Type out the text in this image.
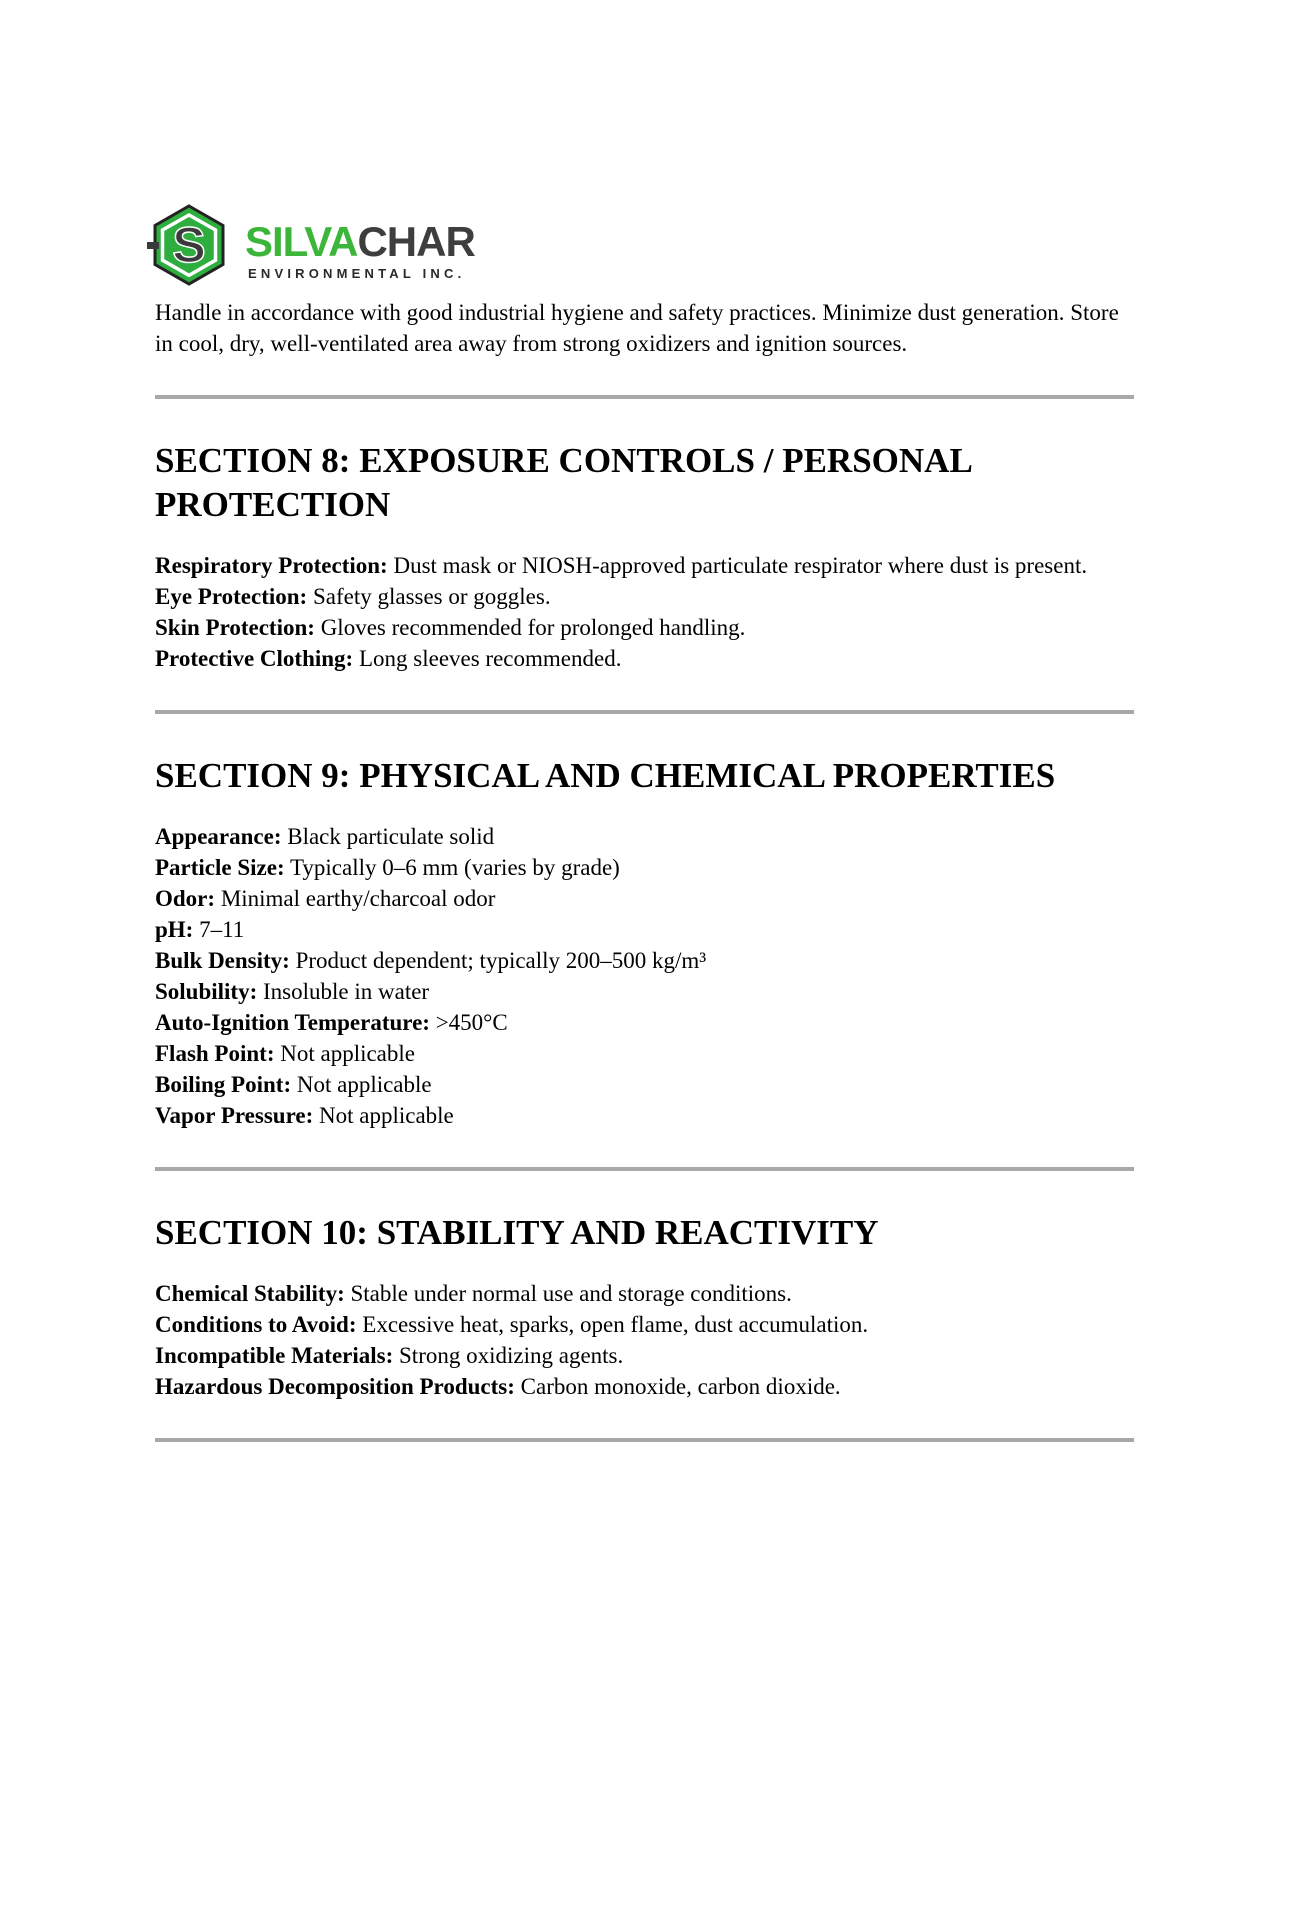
S SILVACHAR
ENVIRONMENTAL INC.

Handle in accordance with good industrial hygiene and safety practices. Minimize dust generation. Store in cool, dry, well-ventilated area away from strong oxidizers and ignition sources.

SECTION 8: EXPOSURE CONTROLS / PERSONAL PROTECTION

Respiratory Protection: Dust mask or NIOSH-approved particulate respirator where dust is present.

Eye Protection: Safety glasses or goggles.

Skin Protection: Gloves recommended for prolonged handling.

Protective Clothing: Long sleeves recommended.

SECTION 9: PHYSICAL AND CHEMICAL PROPERTIES

Appearance: Black particulate solid

Particle Size: Typically 0–6 mm (varies by grade)

Odor: Minimal earthy/charcoal odor

pH: 7–11

Bulk Density: Product dependent; typically 200–500 kg/m³

Solubility: Insoluble in water

Auto-Ignition Temperature: >450°C

Flash Point: Not applicable

Boiling Point: Not applicable

Vapor Pressure: Not applicable

SECTION 10: STABILITY AND REACTIVITY

Chemical Stability: Stable under normal use and storage conditions.

Conditions to Avoid: Excessive heat, sparks, open flame, dust accumulation.

Incompatible Materials: Strong oxidizing agents.

Hazardous Decomposition Products: Carbon monoxide, carbon dioxide.
